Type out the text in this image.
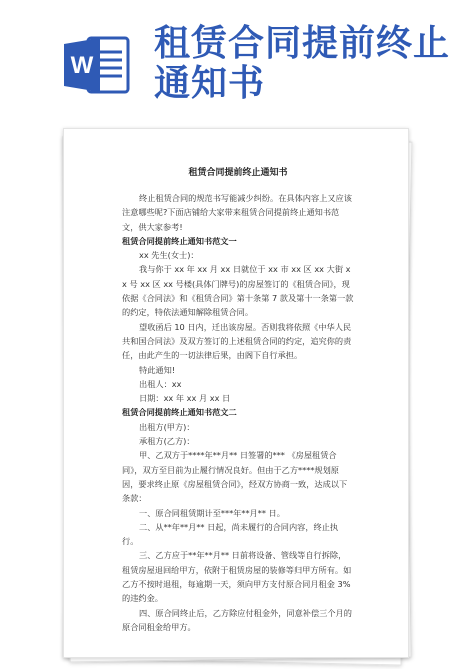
W
租赁合同提前终止
通知书
租赁合同提前终止通知书

终止租赁合同的规范书写能减少纠纷。在具体内容上又应该注意哪些呢?下面店铺给大家带来租赁合同提前终止通知书范文，供大家参考!

租赁合同提前终止通知书范文一

xx 先生(女士)：

我与你于 xx 年 xx 月 xx 日就位于 xx 市 xx 区 xx 大街 xx 号 xx 区 xx 号楼(具体门牌号)的房屋签订的《租赁合同》，现依据《合同法》和《租赁合同》第十条第 7 款及第十一条第一款的约定，特依法通知解除租赁合同。

望收函后 10 日内，迁出该房屋。否则我将依照《中华人民共和国合同法》及双方签订的上述租赁合同的约定，追究你的责任，由此产生的一切法律后果，由阁下自行承担。

特此通知!

出租人：xx

日期：xx 年 xx 月 xx 日

租赁合同提前终止通知书范文二

出租方(甲方)：

承租方(乙方)：

甲、乙双方于****年**月** 日签署的*** 《房屋租赁合同》，双方至目前为止履行情况良好。但由于乙方****规划原因，要求终止原《房屋租赁合同》，经双方协商一致，达成以下条款：

一、原合同租赁期计至***年**月** 日。

二、从**年**月** 日起，尚未履行的合同内容，终止执行。

三、乙方应于**年**月** 日前将设备、管线等自行拆除，租赁房屋退回给甲方，依附于租赁房屋的装修等归甲方所有。如乙方不按时退租，每逾期一天，须向甲方支付原合同月租金 3%的违约金。

四、原合同终止后，乙方除应付租金外，同意补偿三个月的原合同租金给甲方。
